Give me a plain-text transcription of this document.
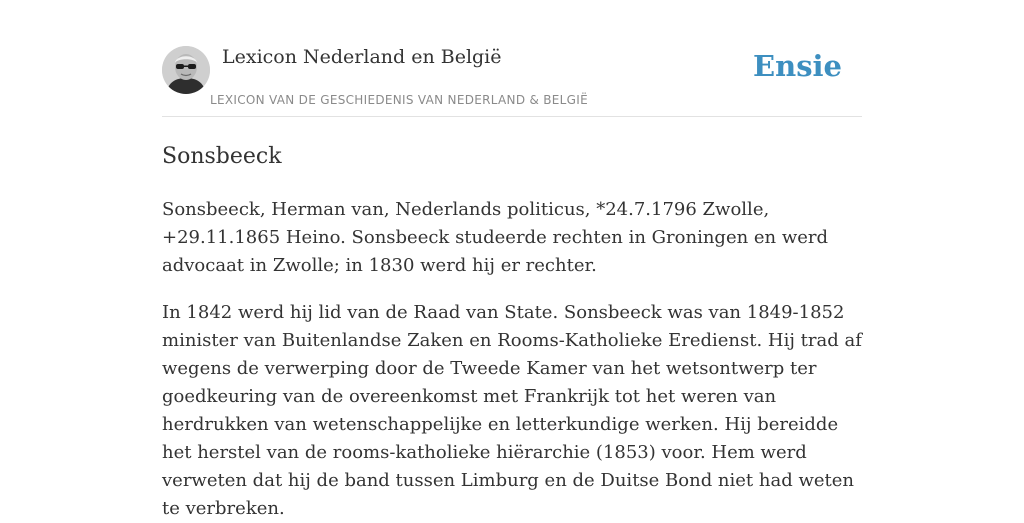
Lexicon Nederland en België
LEXICON VAN DE GESCHIEDENIS VAN NEDERLAND & BELGIË
Ensie
Sonsbeeck

Sonsbeeck, Herman van, Nederlands politicus, *24.7.1796 Zwolle, +29.11.1865 Heino. Sonsbeeck studeerde rechten in Groningen en werd advocaat in Zwolle; in 1830 werd hij er rechter.

In 1842 werd hij lid van de Raad van State. Sonsbeeck was van 1849-1852 minister van Buitenlandse Zaken en Rooms-Katholieke Eredienst. Hij trad af wegens de verwerping door de Tweede Kamer van het wetsontwerp ter goedkeuring van de overeenkomst met Frankrijk tot het weren van herdrukken van wetenschappelijke en letterkundige werken. Hij bereidde het herstel van de rooms-katholieke hiërarchie (1853) voor. Hem werd verweten dat hij de band tussen Limburg en de Duitse Bond niet had weten te verbreken.
